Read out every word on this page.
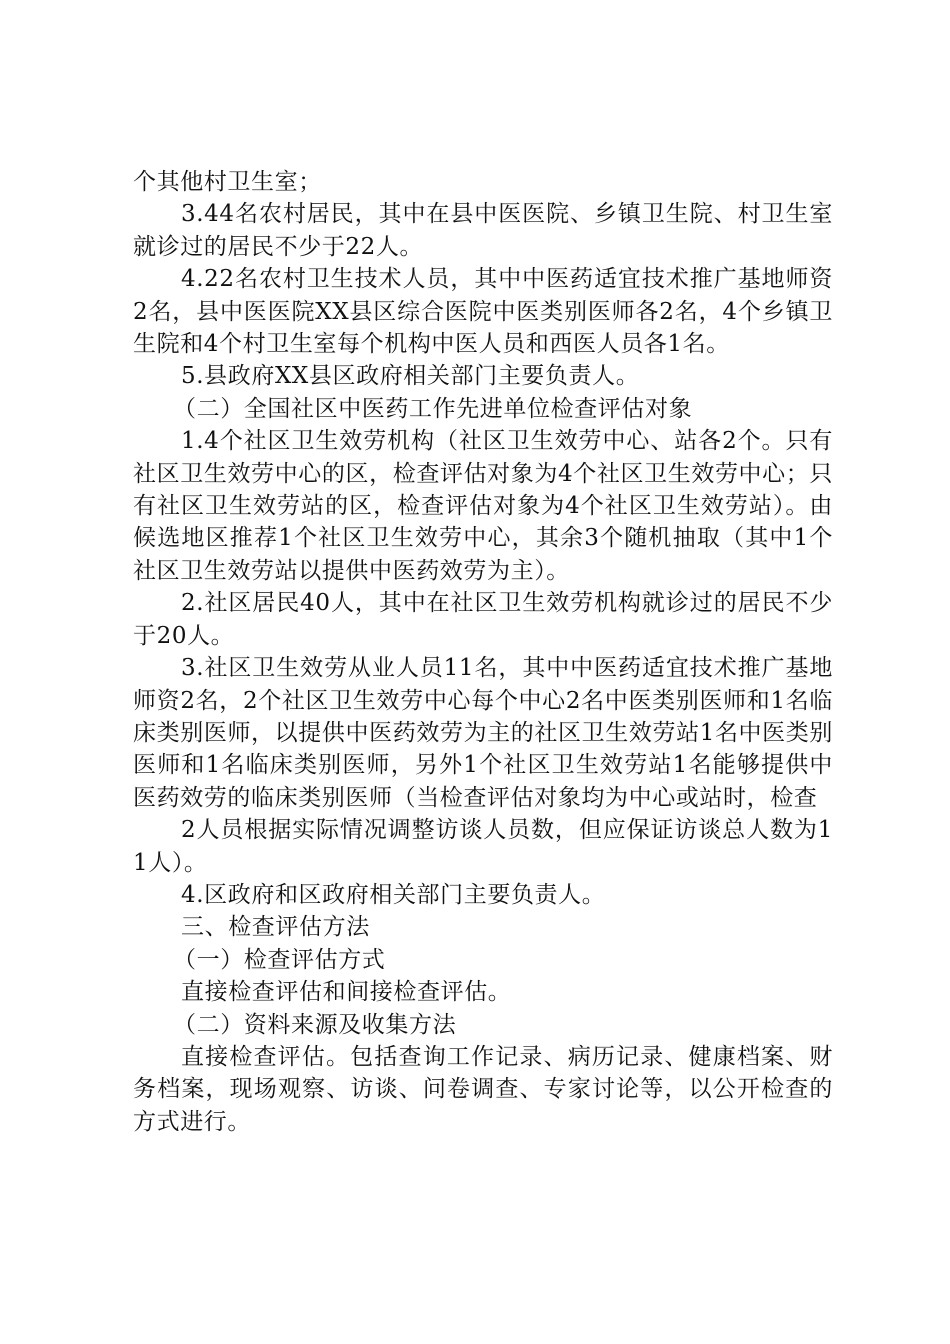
个其他村卫生室；

3.44名农村居民，其中在县中医医院、乡镇卫生院、村卫生室就诊过的居民不少于22人。

4.22名农村卫生技术人员，其中中医药适宜技术推广基地师资2名，县中医医院XX县区综合医院中医类别医师各2名，4个乡镇卫生院和4个村卫生室每个机构中医人员和西医人员各1名。

5.县政府XX县区政府相关部门主要负责人。

（二）全国社区中医药工作先进单位检查评估对象

1.4个社区卫生效劳机构（社区卫生效劳中心、站各2个。只有社区卫生效劳中心的区，检查评估对象为4个社区卫生效劳中心；只有社区卫生效劳站的区，检查评估对象为4个社区卫生效劳站）。由候选地区推荐1个社区卫生效劳中心，其余3个随机抽取（其中1个社区卫生效劳站以提供中医药效劳为主）。

2.社区居民40人，其中在社区卫生效劳机构就诊过的居民不少于20人。

3.社区卫生效劳从业人员11名，其中中医药适宜技术推广基地师资2名，2个社区卫生效劳中心每个中心2名中医类别医师和1名临床类别医师，以提供中医药效劳为主的社区卫生效劳站1名中医类别医师和1名临床类别医师，另外1个社区卫生效劳站1名能够提供中医药效劳的临床类别医师（当检查评估对象均为中心或站时，检查

2人员根据实际情况调整访谈人员数，但应保证访谈总人数为11人）。

4.区政府和区政府相关部门主要负责人。

三、检查评估方法

（一）检查评估方式

直接检查评估和间接检查评估。

（二）资料来源及收集方法

直接检查评估。包括查询工作记录、病历记录、健康档案、财务档案，现场观察、访谈、问卷调查、专家讨论等，以公开检查的方式进行。
